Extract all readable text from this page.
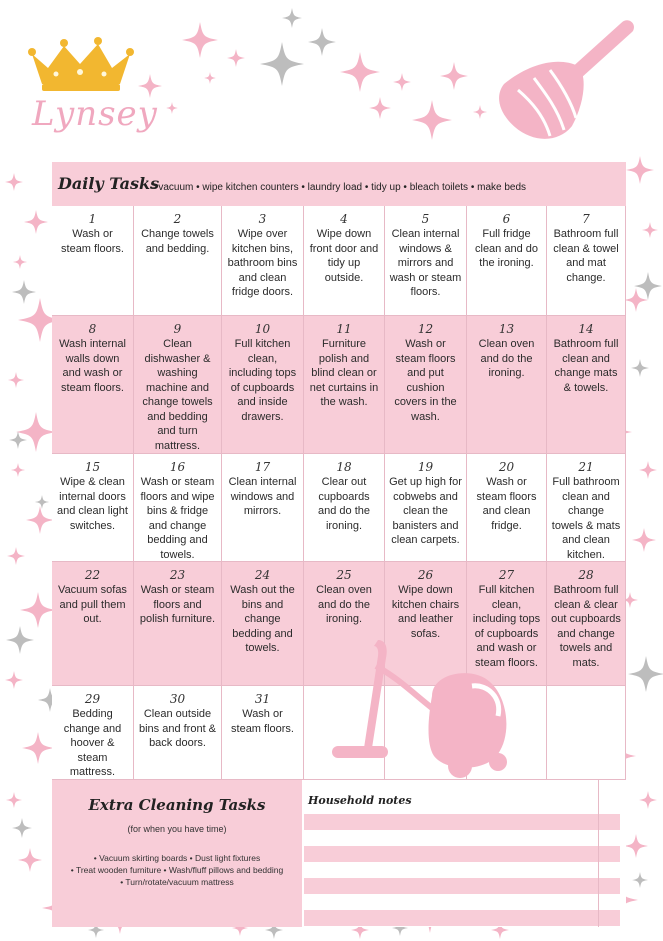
Lynsey
Daily Tasks
– vacuum • wipe kitchen counters • laundry load • tidy up • bleach toilets • make beds
1
Wash or steam floors.
2
Change towels and bedding.
3
Wipe over kitchen bins, bathroom bins and clean fridge doors.
4
Wipe down front door and tidy up outside.
5
Clean internal windows & mirrors and wash or steam floors.
6
Full fridge clean and do the ironing.
7
Bathroom full clean & towel and mat change.
8
Wash internal walls down and wash or steam floors.
9
Clean dishwasher & washing machine and change towels and bedding and turn mattress.
10
Full kitchen clean, including tops of cupboards and inside drawers.
11
Furniture polish and blind clean or net curtains in the wash.
12
Wash or steam floors and put cushion covers in the wash.
13
Clean oven and do the ironing.
14
Bathroom full clean and change mats & towels.
15
Wipe & clean internal doors and clean light switches.
16
Wash or steam floors and wipe bins & fridge and change bedding and towels.
17
Clean internal windows and mirrors.
18
Clear out cupboards and do the ironing.
19
Get up high for cobwebs and clean the banisters and clean carpets.
20
Wash or steam floors and clean fridge.
21
Full bathroom clean and change towels & mats and clean kitchen.
22
Vacuum sofas and pull them out.
23
Wash or steam floors and polish furniture.
24
Wash out the bins and change bedding and towels.
25
Clean oven and do the ironing.
26
Wipe down kitchen chairs and leather sofas.
27
Full kitchen clean, including tops of cupboards and wash or steam floors.
28
Bathroom full clean & clear out cupboards and change towels and mats.
29
Bedding change and hoover & steam mattress.
30
Clean outside bins and front & back doors.
31
Wash or steam floors.
Extra Cleaning Tasks
(for when you have time)
• Vacuum skirting boards • Dust light fixtures
• Treat wooden furniture • Wash/fluff pillows and bedding
• Turn/rotate/vacuum mattress
Household notes
